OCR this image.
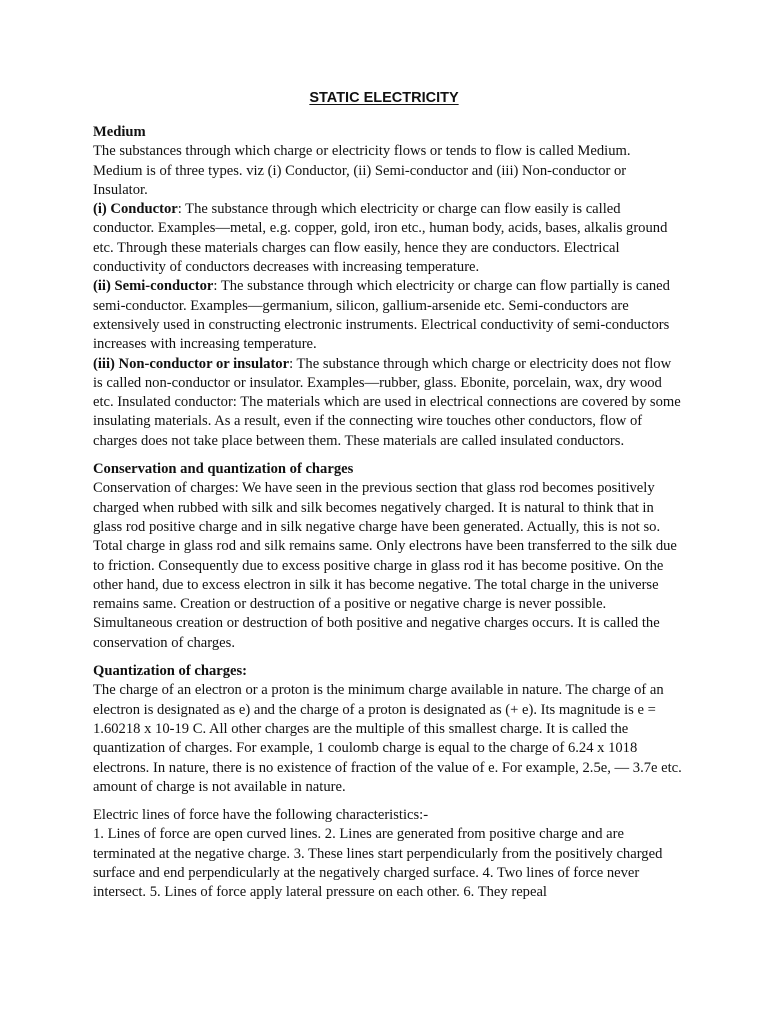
STATIC ELECTRICITY

Medium

The substances through which charge or electricity flows or tends to flow is called Medium. Medium is of three types. viz (i) Conductor, (ii) Semi-conductor and (iii) Non-conductor or Insulator.

(i) Conductor: The substance through which electricity or charge can flow easily is called conductor. Examples—metal, e.g. copper, gold, iron etc., human body, acids, bases, alkalis ground etc. Through these materials charges can flow easily, hence they are conductors. Electrical conductivity of conductors decreases with increasing temperature.

(ii) Semi-conductor: The substance through which electricity or charge can flow partially is caned semi-conductor. Examples—germanium, silicon, gallium-arsenide etc. Semi-conductors are extensively used in constructing electronic instruments. Electrical conductivity of semi-conductors increases with increasing temperature.

(iii) Non-conductor or insulator: The substance through which charge or electricity does not flow is called non-conductor or insulator. Examples—rubber, glass. Ebonite, porcelain, wax, dry wood etc. Insulated conductor: The materials which are used in electrical connections are covered by some insulating materials. As a result, even if the connecting wire touches other conductors, flow of charges does not take place between them. These materials are called insulated conductors.

Conservation and quantization of charges

Conservation of charges: We have seen in the previous section that glass rod becomes positively charged when rubbed with silk and silk becomes negatively charged. It is natural to think that in glass rod positive charge and in silk negative charge have been generated. Actually, this is not so. Total charge in glass rod and silk remains same. Only electrons have been transferred to the silk due to friction. Consequently due to excess positive charge in glass rod it has become positive. On the other hand, due to excess electron in silk it has become negative. The total charge in the universe remains same. Creation or destruction of a positive or negative charge is never possible. Simultaneous creation or destruction of both positive and negative charges occurs. It is called the conservation of charges.

Quantization of charges:

The charge of an electron or a proton is the minimum charge available in nature. The charge of an electron is designated as e) and the charge of a proton is designated as (+ e). Its magnitude is e = 1.60218 x 10-19 C. All other charges are the multiple of this smallest charge. It is called the quantization of charges. For example, 1 coulomb charge is equal to the charge of 6.24 x 1018 electrons. In nature, there is no existence of fraction of the value of e. For example, 2.5e, — 3.7e etc. amount of charge is not available in nature.

Electric lines of force have the following characteristics:-

1. Lines of force are open curved lines. 2. Lines are generated from positive charge and are terminated at the negative charge. 3. These lines start perpendicularly from the positively charged surface and end perpendicularly at the negatively charged surface. 4. Two lines of force never intersect. 5. Lines of force apply lateral pressure on each other. 6. They repeal
